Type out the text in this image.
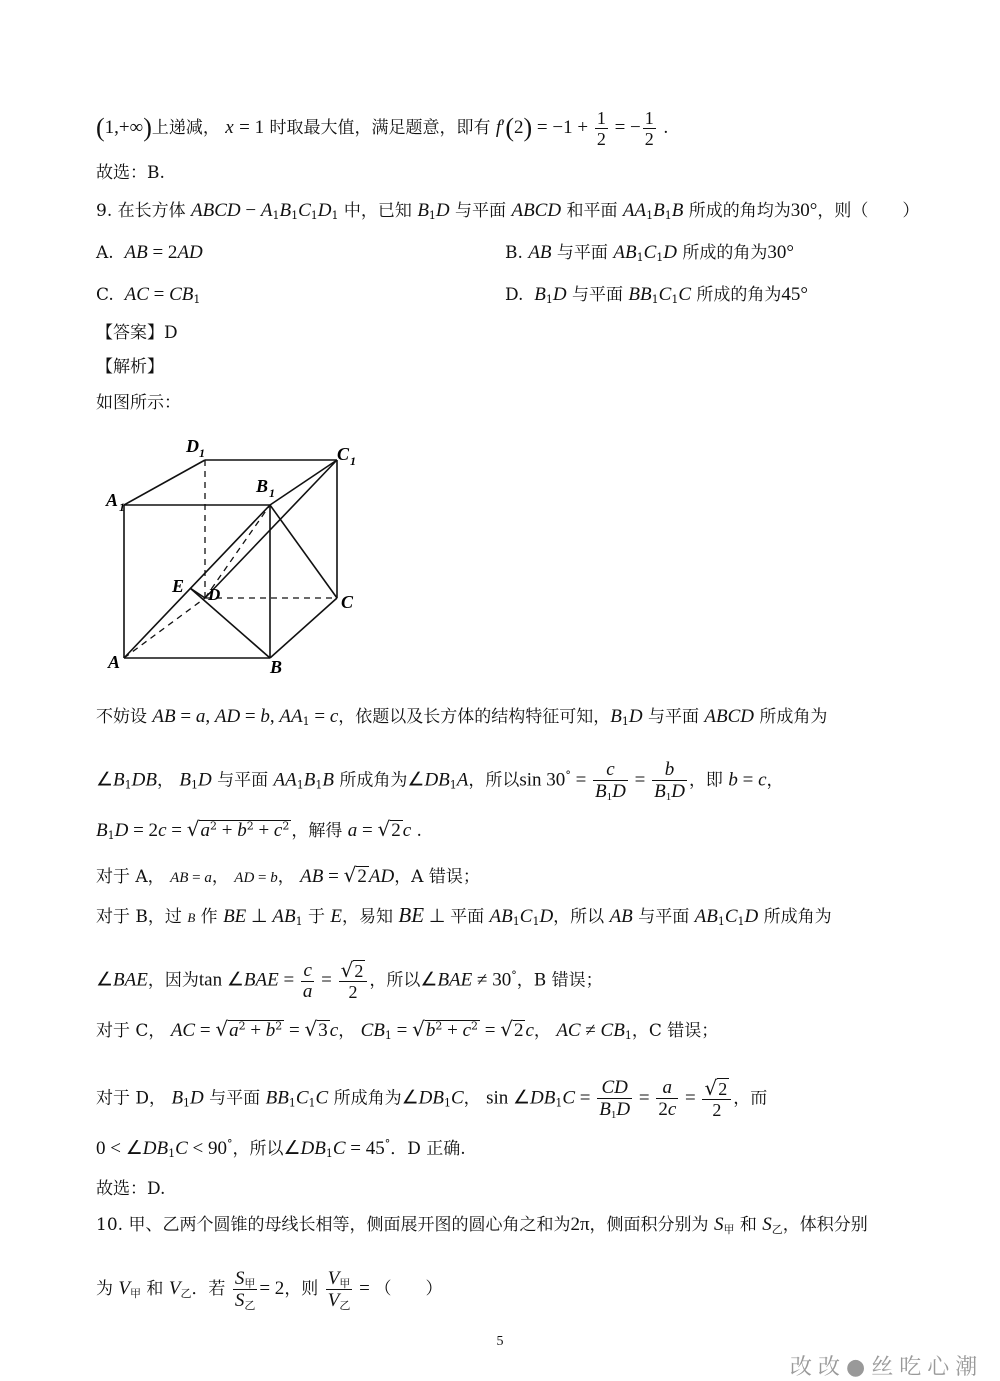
(1,+∞)上递减， x = 1 时取最大值，满足题意，即有 $f'(2) = -1 + \frac{1}{2}$ = − $\frac{1}{2}$ .
故选：B.
9. 在长方体 ABCD − $A_1B_1C_1D_1$ 中，已知 $B_1D$ 与平面 ABCD 和平面 $AA_1B_1B$ 所成的角均为30°，则（　　）
A.  AB = 2AD	B. AB 与平面 $AB_1C_1D$ 所成的角为30°
C.  AC = $CB_1$	D.  $B_1D$ 与平面 $BB_1C_1C$ 所成的角为45°
【答案】D
【解析】
如图所示：
D 1	C 1
B 1
A 1
E D	C
A	B
不妨设 AB = a, AD = b, $AA_1 = c$，依题以及长方体的结构特征可知，$B_1D$ 与平面 ABCD 所成角为
$\angle B_1DB$， $B_1D$ 与平面 $AA_1B_1B$ 所成角为$\angle DB_1A$，所以$\sin 30^\circ = \frac{c}{B_1D} = \frac{b}{B_1D}$ ，即 b = c，
$B_1D = 2c = √a^2 + b^2 + c^2$ ，解得 a = √2 c .
对于 A， AB = a， AD = b， AB = √2 AD，A 错误；
对于 B，过 B 作 BE ⊥ $AB_1$ 于 E，易知 BE ⊥ 平面 $AB_1C_1D$，所以 AB 与平面 $AB_1C_1D$ 所成角为
∠BAE，因为tan ∠BAE = $\frac{c}{a} = \frac{√2}{2}$ ，所以∠BAE ≠ 30°，B 错误；
对于 C， AC = $√a^2 + b^2 = √3$ c， $CB_1 = √b^2 + c^2 = √2$ c， AC ≠ $CB_1$，C 错误；
对于 D， $B_1D$ 与平面 $BB_1C_1C$ 所成角为$\angle DB_1C$， $\sin \angle DB_1C = \frac{CD}{B_1D} = \frac{a}{2c} = \frac{√2}{2}$ ，而
$0 < \angle DB_1C < 90^\circ$，所以$\angle DB_1C = 45^\circ$．D 正确.
故选：D.
10. 甲、乙两个圆锥的母线长相等，侧面展开图的圆心角之和为2π，侧面积分别为 $S_甲$ 和 $S_乙$，体积分别
为 $V_甲$ 和 $V_乙$．若 $\frac{S_甲}{S_乙} = 2$，则 $\frac{V_甲}{V_乙}$ = （　　）
5
改改●丝吃心潮
